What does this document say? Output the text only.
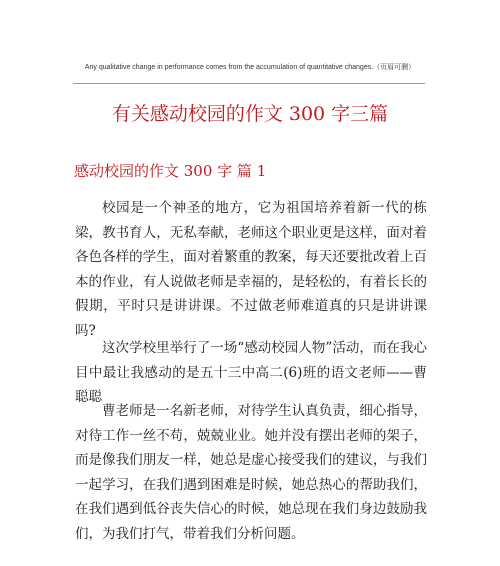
Any qualitative change in performance comes from the accumulation of quantitative changes.（页眉可删）
有关感动校园的作文 300 字三篇
感动校园的作文 300 字 篇 1

校园是一个神圣的地方，它为祖国培养着新一代的栋梁，教书育人，无私奉献，老师这个职业更是这样，面对着各色各样的学生，面对着繁重的教案，每天还要批改着上百本的作业，有人说做老师是幸福的，是轻松的，有着长长的假期，平时只是讲讲课。不过做老师难道真的只是讲讲课吗?

这次学校里举行了一场“感动校园人物”活动，而在我心目中最让我感动的是五十三中高二(6)班的语文老师——曹聪聪

曹老师是一名新老师，对待学生认真负责，细心指导，对待工作一丝不苟，兢兢业业。她并没有摆出老师的架子，而是像我们朋友一样，她总是虚心接受我们的建议，与我们一起学习，在我们遇到困难是时候，她总热心的帮助我们，在我们遇到低谷丧失信心的时候，她总现在我们身边鼓励我们，为我们打气，带着我们分析问题。
